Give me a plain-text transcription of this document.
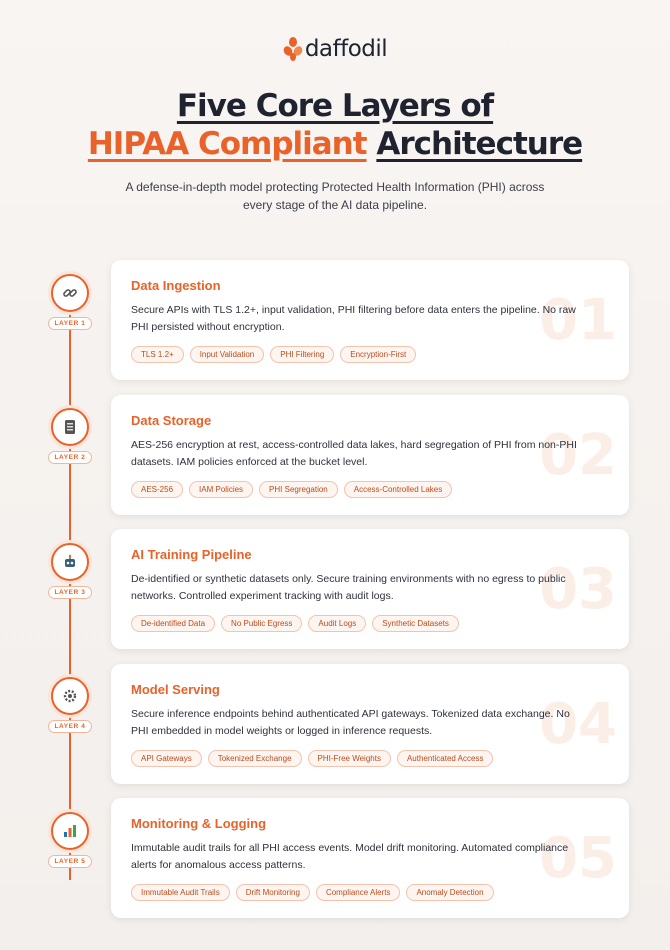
daffodil
Five Core Layers of
HIPAA Compliant Architecture
A defense-in-depth model protecting Protected Health Information (PHI) across every stage of the AI data pipeline.
LAYER 1	01
Data Ingestion
Secure APIs with TLS 1.2+, input validation, PHI filtering before data enters the pipeline. No raw PHI persisted without encryption.
TLS 1.2+	Input Validation	PHI Filtering	Encryption-First
LAYER 2	02
Data Storage
AES-256 encryption at rest, access-controlled data lakes, hard segregation of PHI from non-PHI datasets. IAM policies enforced at the bucket level.
AES-256	IAM Policies	PHI Segregation	Access-Controlled Lakes
LAYER 3	03
AI Training Pipeline
De-identified or synthetic datasets only. Secure training environments with no egress to public networks. Controlled experiment tracking with audit logs.
De-identified Data	No Public Egress	Audit Logs	Synthetic Datasets
LAYER 4	04
Model Serving
Secure inference endpoints behind authenticated API gateways. Tokenized data exchange. No PHI embedded in model weights or logged in inference requests.
API Gateways	Tokenized Exchange	PHI-Free Weights	Authenticated Access
LAYER 5	05
Monitoring & Logging
Immutable audit trails for all PHI access events. Model drift monitoring. Automated compliance alerts for anomalous access patterns.
Immutable Audit Trails	Drift Monitoring	Compliance Alerts	Anomaly Detection
